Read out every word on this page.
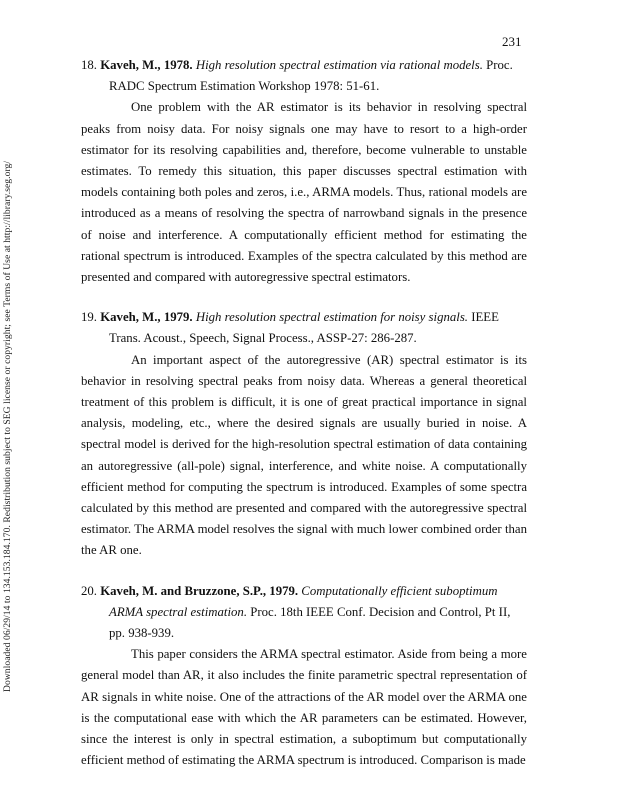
231
Downloaded 06/29/14 to 134.153.184.170. Redistribution subject to SEG license or copyright; see Terms of Use at http://library.seg.org/

18. Kaveh, M., 1978. High resolution spectral estimation via rational models. Proc. RADC Spectrum Estimation Workshop 1978: 51-61.

One problem with the AR estimator is its behavior in resolving spectral peaks from noisy data. For noisy signals one may have to resort to a high-order estimator for its resolving capabilities and, therefore, become vulnerable to unstable estimates. To remedy this situation, this paper discusses spectral estimation with models containing both poles and zeros, i.e., ARMA models. Thus, rational models are introduced as a means of resolving the spectra of narrowband signals in the presence of noise and interference. A computationally efficient method for estimating the rational spectrum is introduced. Examples of the spectra calculated by this method are presented and compared with autoregressive spectral estimators.

19. Kaveh, M., 1979. High resolution spectral estimation for noisy signals. IEEE Trans. Acoust., Speech, Signal Process., ASSP-27: 286-287.

An important aspect of the autoregressive (AR) spectral estimator is its behavior in resolving spectral peaks from noisy data. Whereas a general theoretical treatment of this problem is difficult, it is one of great practical importance in signal analysis, modeling, etc., where the desired signals are usually buried in noise. A spectral model is derived for the high-resolution spectral estimation of data containing an autoregressive (all-pole) signal, interference, and white noise. A computationally efficient method for computing the spectrum is introduced. Examples of some spectra calculated by this method are presented and compared with the autoregressive spectral estimator. The ARMA model resolves the signal with much lower combined order than the AR one.

20. Kaveh, M. and Bruzzone, S.P., 1979. Computationally efficient suboptimum ARMA spectral estimation. Proc. 18th IEEE Conf. Decision and Control, Pt II, pp. 938-939.

This paper considers the ARMA spectral estimator. Aside from being a more general model than AR, it also includes the finite parametric spectral representation of AR signals in white noise. One of the attractions of the AR model over the ARMA one is the computational ease with which the AR parameters can be estimated. However, since the interest is only in spectral estimation, a suboptimum but computationally efficient method of estimating the ARMA spectrum is introduced. Comparison is made
